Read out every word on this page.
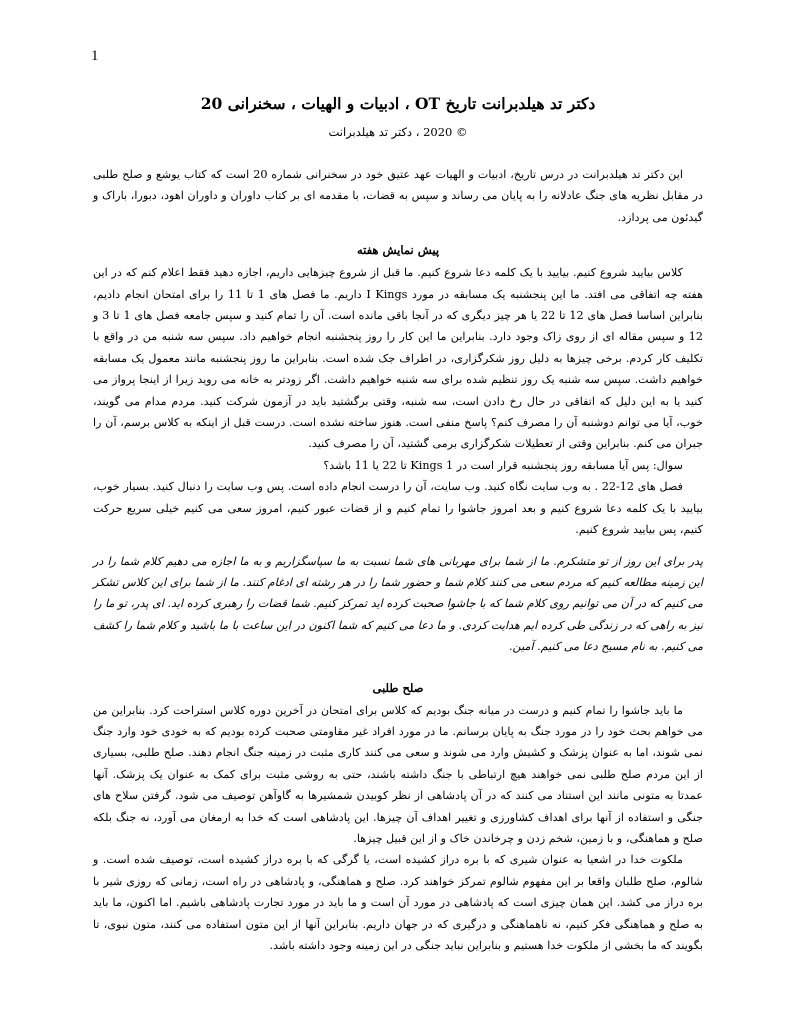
1
دکتر تد هیلدبرانت تاریخ OT ، ادبیات و الهیات ، سخنرانی 20
© 2020 ، دکتر تد هیلدبرانت

این دکتر تد هیلدبرانت در درس تاریخ، ادبیات و الهیات عهد عتیق خود در سخنرانی شماره 20 است که کتاب یوشع و صلح طلبی در مقابل نظریه های جنگ عادلانه را به پایان می رساند و سپس به قضات، با مقدمه ای بر کتاب داوران و داوران اهود، دبورا، باراک و گیدئون می پردازد.

پیش نمایش هفته

کلاس بیایید شروع کنیم. بیایید با یک کلمه دعا شروع کنیم. ما قبل از شروع چیزهایی داریم، اجازه دهید فقط اعلام کنم که در این هفته چه اتفاقی می افتد. ما این پنجشنبه یک مسابقه در مورد I Kings داریم. ما فصل های 1 تا 11 را برای امتحان انجام دادیم، بنابراین اساسا فصل های 12 تا 22 یا هر چیز دیگری که در آنجا باقی مانده است. آن را تمام کنید و سپس جامعه فصل های 1 تا 3 و 12 و سپس مقاله ای از روی زاک وجود دارد. بنابراین ما این کار را روز پنجشنبه انجام خواهیم داد. سپس سه شنبه من در واقع با تکلیف کار کردم. برخی چیزها به دلیل روز شکرگزاری، در اطراف جک شده است. بنابراین ما روز پنجشنبه مانند معمول یک مسابقه خواهیم داشت. سپس سه شنبه یک روز تنظیم شده برای سه شنبه خواهیم داشت. اگر زودتر به خانه می روید زیرا از اینجا پرواز می کنید یا به این دلیل که اتفاقی در حال رخ دادن است، سه شنبه، وقتی برگشتید باید در آزمون شرکت کنید. مردم مدام می گویند، خوب، آیا می توانم دوشنبه آن را مصرف کنم؟ پاسخ منفی است. هنوز ساخته نشده است. درست قبل از اینکه به کلاس برسم، آن را جبران می کنم. بنابراین وقتی از تعطیلات شکرگزاری برمی گشتید، آن را مصرف کنید.

سوال: پس آیا مسابقه روز پنجشنبه قرار است در 1 Kings تا 22 یا 11 باشد؟

فصل های 12-22 . به وب سایت نگاه کنید. وب سایت، آن را درست انجام داده است. پس وب سایت را دنبال کنید. بسیار خوب، بیایید با یک کلمه دعا شروع کنیم و بعد امروز جاشوا را تمام کنیم و از قضات عبور کنیم، امروز سعی می کنیم خیلی سریع حرکت کنیم، پس بیایید شروع کنیم.

پدر برای این روز از تو متشکرم. ما از شما برای مهربانی های شما نسبت به ما سپاسگزاریم و به ما اجازه می دهیم کلام شما را در این زمینه مطالعه کنیم که مردم سعی می کنند کلام شما و حضور شما را در هر رشته ای ادغام کنند. ما از شما برای این کلاس تشکر می کنیم که در آن می توانیم روی کلام شما که با جاشوا صحبت کرده اید تمرکز کنیم. شما قضات را رهبری کرده اید. ای پدر، تو ما را نیز به راهی که در زندگی طی کرده ایم هدایت کردی. و ما دعا می کنیم که شما اکنون در این ساعت با ما باشید و کلام شما را کشف می کنیم. به نام مسیح دعا می کنیم. آمین.

صلح طلبی

ما باید جاشوا را تمام کنیم و درست در میانه جنگ بودیم که کلاس برای امتحان در آخرین دوره کلاس استراحت کرد. بنابراین من می خواهم بحث خود را در مورد جنگ به پایان برسانم. ما در مورد افراد غیر مقاومتی صحبت کرده بودیم که به خودی خود وارد جنگ نمی شوند، اما به عنوان پزشک و کشیش وارد می شوند و سعی می کنند کاری مثبت در زمینه جنگ انجام دهند. صلح طلبی، بسیاری از این مردم صلح طلبی نمی خواهند هیچ ارتباطی با جنگ داشته باشند، حتی به روشی مثبت برای کمک به عنوان یک پزشک. آنها عمدتا به متونی مانند این استناد می کنند که در آن پادشاهی از نظر کوبیدن شمشیرها به گاوآهن توصیف می شود. گرفتن سلاح های جنگی و استفاده از آنها برای اهداف کشاورزی و تغییر اهداف آن چیزها. این پادشاهی است که خدا به ارمغان می آورد، نه جنگ بلکه صلح و هماهنگی، و با زمین، شخم زدن و چرخاندن خاک و از این قبیل چیزها.

ملکوت خدا در اشعیا به عنوان شیری که با بره دراز کشیده است، یا گرگی که با بره دراز کشیده است، توصیف شده است. و شالوم، صلح طلبان واقعا بر این مفهوم شالوم تمرکز خواهند کرد. صلح و هماهنگی، و پادشاهی در راه است، زمانی که روزی شیر با بره دراز می کشد. این همان چیزی است که پادشاهی در مورد آن است و ما باید در مورد تجارت پادشاهی باشیم. اما اکنون، ما باید به صلح و هماهنگی فکر کنیم، نه ناهماهنگی و درگیری که در جهان داریم. بنابراین آنها از این متون استفاده می کنند، متون نبوی، تا بگویند که ما بخشی از ملکوت خدا هستیم و بنابراین نباید جنگی در این زمینه وجود داشته باشد.
